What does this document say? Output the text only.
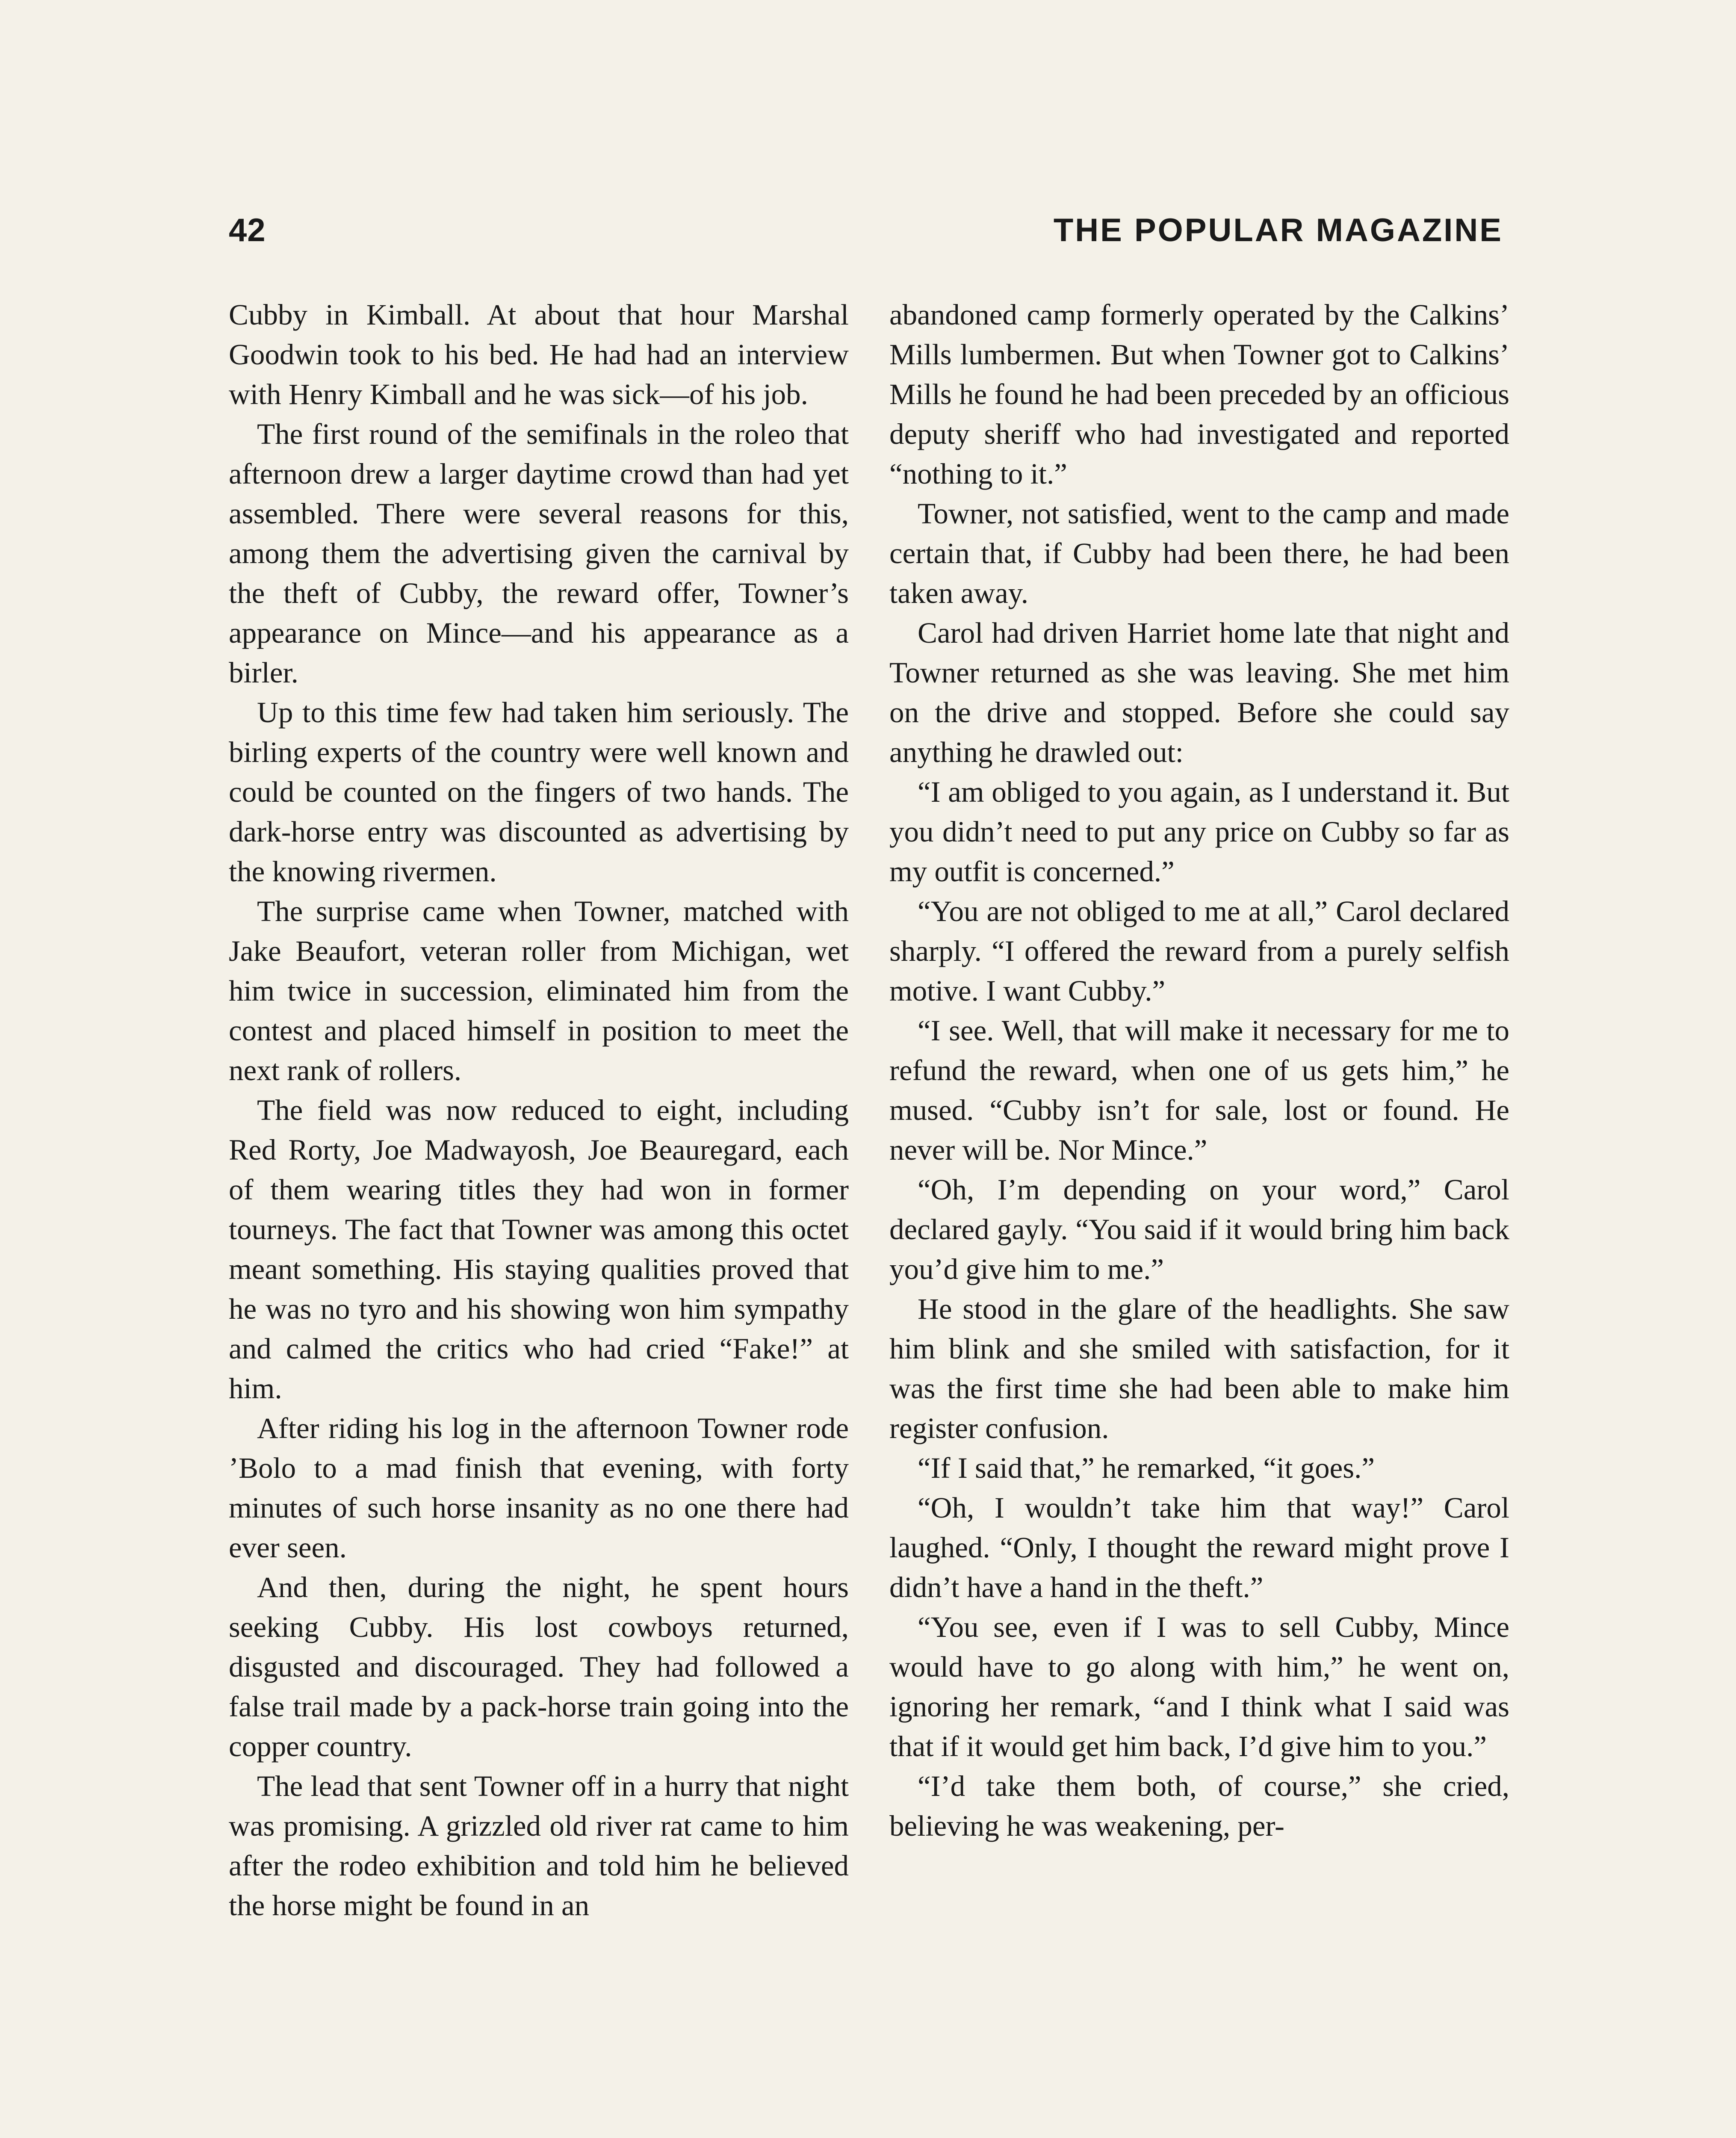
42	THE POPULAR MAGAZINE

Cubby in Kimball. At about that hour Marshal Goodwin took to his bed. He had had an interview with Henry Kimball and he was sick—of his job.

The first round of the semifinals in the roleo that afternoon drew a larger daytime crowd than had yet assembled. There were several reasons for this, among them the advertising given the carnival by the theft of Cubby, the reward offer, Towner’s appearance on Mince—and his appearance as a birler.

Up to this time few had taken him seriously. The birling experts of the country were well known and could be counted on the fingers of two hands. The dark-horse entry was discounted as advertising by the knowing rivermen.

The surprise came when Towner, matched with Jake Beaufort, veteran roller from Michigan, wet him twice in succession, eliminated him from the contest and placed himself in position to meet the next rank of rollers.

The field was now reduced to eight, including Red Rorty, Joe Madwayosh, Joe Beauregard, each of them wearing titles they had won in former tourneys. The fact that Towner was among this octet meant something. His staying qualities proved that he was no tyro and his showing won him sympathy and calmed the critics who had cried “Fake!” at him.

After riding his log in the afternoon Towner rode ’Bolo to a mad finish that evening, with forty minutes of such horse insanity as no one there had ever seen.

And then, during the night, he spent hours seeking Cubby. His lost cowboys returned, disgusted and discouraged. They had followed a false trail made by a pack-horse train going into the copper country.

The lead that sent Towner off in a hurry that night was promising. A grizzled old river rat came to him after the rodeo exhibition and told him he believed the horse might be found in an

abandoned camp formerly operated by the Calkins’ Mills lumbermen. But when Towner got to Calkins’ Mills he found he had been preceded by an officious deputy sheriff who had investigated and reported “nothing to it.”

Towner, not satisfied, went to the camp and made certain that, if Cubby had been there, he had been taken away.

Carol had driven Harriet home late that night and Towner returned as she was leaving. She met him on the drive and stopped. Before she could say anything he drawled out:

“I am obliged to you again, as I understand it. But you didn’t need to put any price on Cubby so far as my outfit is concerned.”

“You are not obliged to me at all,” Carol declared sharply. “I offered the reward from a purely selfish motive. I want Cubby.”

“I see. Well, that will make it necessary for me to refund the reward, when one of us gets him,” he mused. “Cubby isn’t for sale, lost or found. He never will be. Nor Mince.”

“Oh, I’m depending on your word,” Carol declared gayly. “You said if it would bring him back you’d give him to me.”

He stood in the glare of the headlights. She saw him blink and she smiled with satisfaction, for it was the first time she had been able to make him register confusion.

“If I said that,” he remarked, “it goes.”

“Oh, I wouldn’t take him that way!” Carol laughed. “Only, I thought the reward might prove I didn’t have a hand in the theft.”

“You see, even if I was to sell Cubby, Mince would have to go along with him,” he went on, ignoring her remark, “and I think what I said was that if it would get him back, I’d give him to you.”

“I’d take them both, of course,” she cried, believing he was weakening, per-
